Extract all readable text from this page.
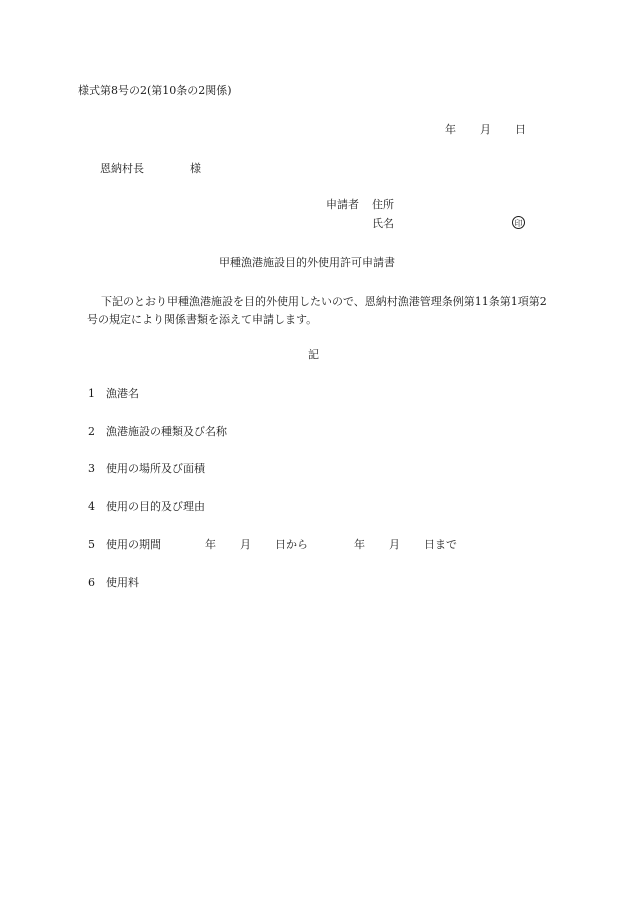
様式第8号の2(第10条の2関係)
年 月 日
恩納村長	様
申請者 住所
氏名	印
甲種漁港施設目的外使用許可申請書
下記のとおり甲種漁港施設を目的外使用したいので、恩納村漁港管理条例第11条第1項第2号の規定により関係書類を添えて申請します。
記
1 漁港名
2 漁港施設の種類及び名称
3 使用の場所及び面積
4 使用の目的及び理由
5 使用の期間	年 月 日から	年 月 日まで
6 使用料
